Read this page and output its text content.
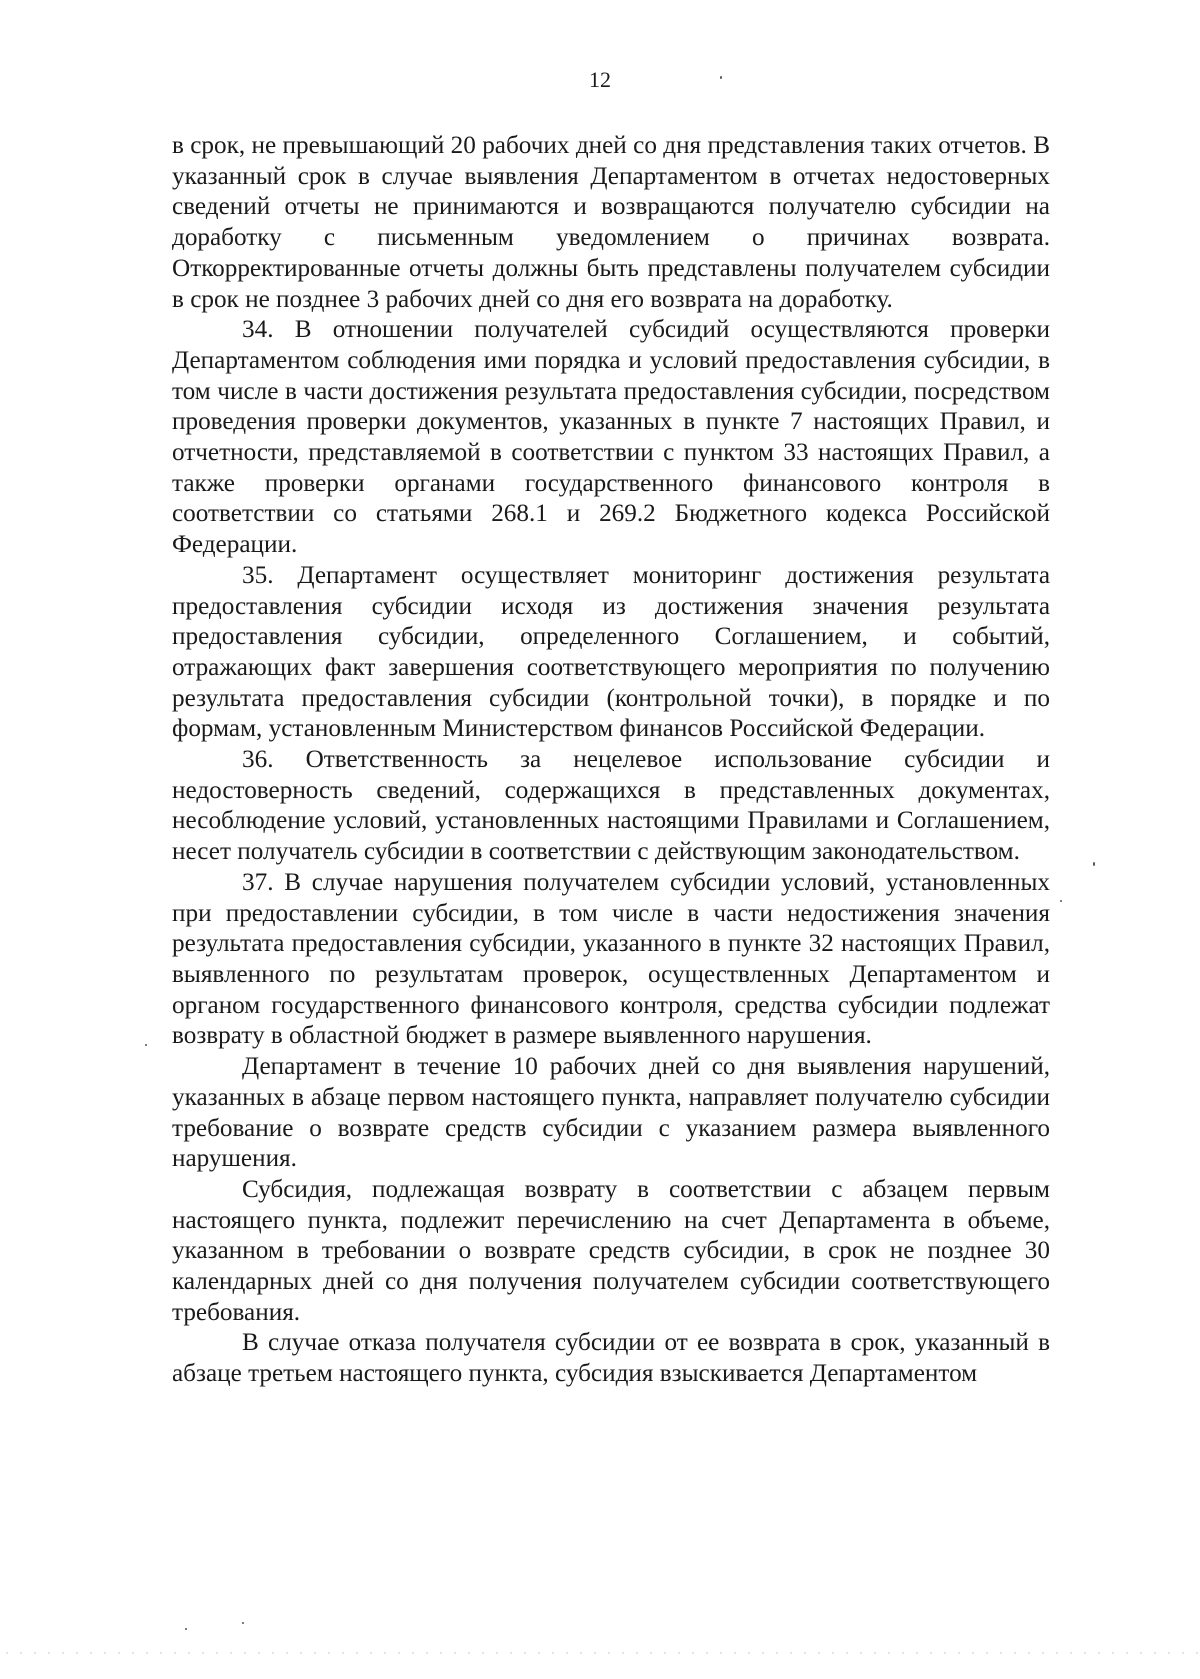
12

в срок, не превышающий 20 рабочих дней со дня представления таких отчетов. В указанный срок в случае выявления Департаментом в отчетах недостоверных сведений отчеты не принимаются и возвращаются получателю субсидии на доработку с письменным уведомлением о причинах возврата. Откорректированные отчеты должны быть представлены получателем субсидии в срок не позднее 3 рабочих дней со дня его возврата на доработку.

34. В отношении получателей субсидий осуществляются проверки Департаментом соблюдения ими порядка и условий предоставления субсидии, в том числе в части достижения результата предоставления субсидии, посредством проведения проверки документов, указанных в пункте 7 настоящих Правил, и отчетности, представляемой в соответствии с пунктом 33 настоящих Правил, а также проверки органами государственного финансового контроля в соответствии со статьями 268.1 и 269.2 Бюджетного кодекса Российской Федерации.

35. Департамент осуществляет мониторинг достижения результата предоставления субсидии исходя из достижения значения результата предоставления субсидии, определенного Соглашением, и событий, отражающих факт завершения соответствующего мероприятия по получению результата предоставления субсидии (контрольной точки), в порядке и по формам, установленным Министерством финансов Российской Федерации.

36. Ответственность за нецелевое использование субсидии и недостоверность сведений, содержащихся в представленных документах, несоблюдение условий, установленных настоящими Правилами и Соглашением, несет получатель субсидии в соответствии с действующим законодательством.

37. В случае нарушения получателем субсидии условий, установленных при предоставлении субсидии, в том числе в части недостижения значения результата предоставления субсидии, указанного в пункте 32 настоящих Правил, выявленного по результатам проверок, осуществленных Департаментом и органом государственного финансового контроля, средства субсидии подлежат возврату в областной бюджет в размере выявленного нарушения.

Департамент в течение 10 рабочих дней со дня выявления нарушений, указанных в абзаце первом настоящего пункта, направляет получателю субсидии требование о возврате средств субсидии с указанием размера выявленного нарушения.

Субсидия, подлежащая возврату в соответствии с абзацем первым настоящего пункта, подлежит перечислению на счет Департамента в объеме, указанном в требовании о возврате средств субсидии, в срок не позднее 30 календарных дней со дня получения получателем субсидии соответствующего требования.

В случае отказа получателя субсидии от ее возврата в срок, указанный в абзаце третьем настоящего пункта, субсидия взыскивается Департаментом
